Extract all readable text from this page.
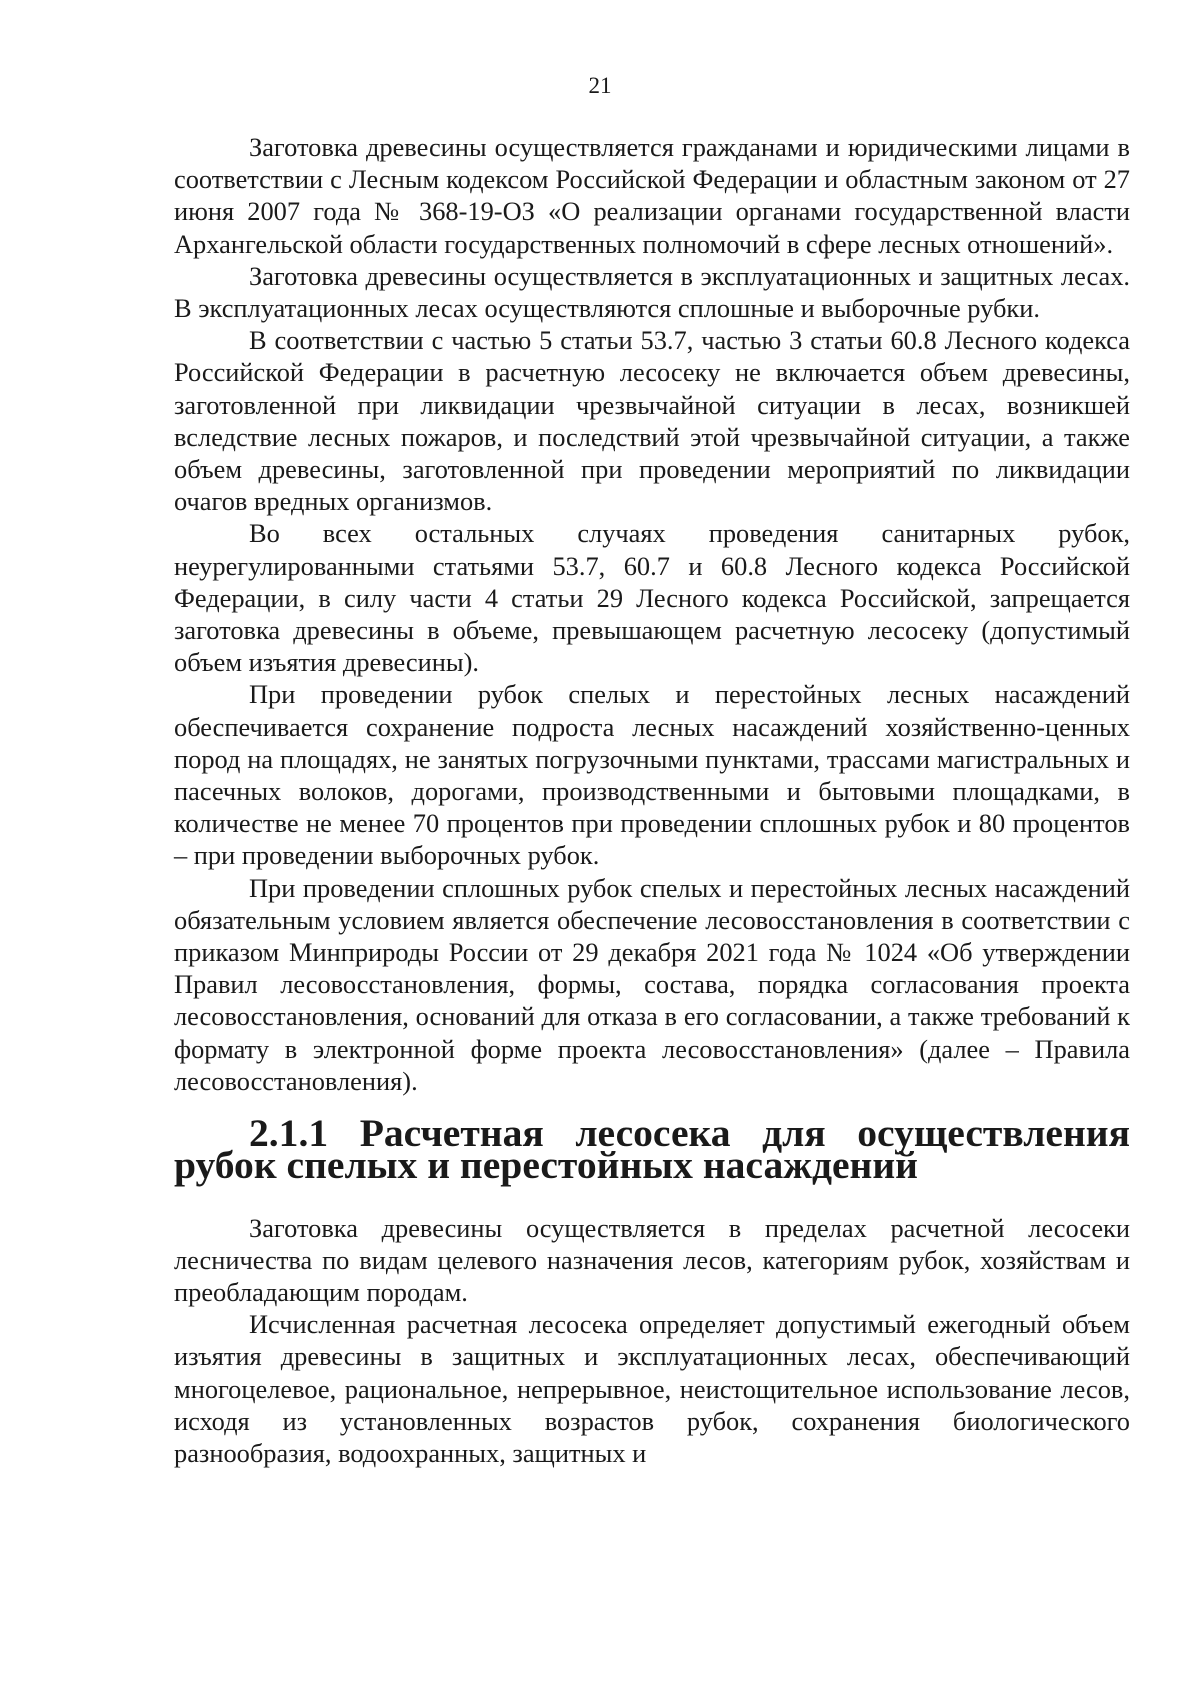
21

Заготовка древесины осуществляется гражданами и юридическими лицами в соответствии с Лесным кодексом Российской Федерации и областным законом от 27 июня 2007 года № 368-19-ОЗ «О реализации органами государственной власти Архангельской области государственных полномочий в сфере лесных отношений».

Заготовка древесины осуществляется в эксплуатационных и защитных лесах. В эксплуатационных лесах осуществляются сплошные и выборочные рубки.

В соответствии с частью 5 статьи 53.7, частью 3 статьи 60.8 Лесного кодекса Российской Федерации в расчетную лесосеку не включается объем древесины, заготовленной при ликвидации чрезвычайной ситуации в лесах, возникшей вследствие лесных пожаров, и последствий этой чрезвычайной ситуации, а также объем древесины, заготовленной при проведении мероприятий по ликвидации очагов вредных организмов.

Во всех остальных случаях проведения санитарных рубок, неурегулированными статьями 53.7, 60.7 и 60.8 Лесного кодекса Российской Федерации, в силу части 4 статьи 29 Лесного кодекса Российской, запрещается заготовка древесины в объеме, превышающем расчетную лесосеку (допустимый объем изъятия древесины).

При проведении рубок спелых и перестойных лесных насаждений обеспечивается сохранение подроста лесных насаждений хозяйственно-ценных пород на площадях, не занятых погрузочными пунктами, трассами магистральных и пасечных волоков, дорогами, производственными и бытовыми площадками, в количестве не менее 70 процентов при проведении сплошных рубок и 80 процентов – при проведении выборочных рубок.

При проведении сплошных рубок спелых и перестойных лесных насаждений обязательным условием является обеспечение лесовосстановления в соответствии с приказом Минприроды России от 29 декабря 2021 года № 1024 «Об утверждении Правил лесовосстановления, формы, состава, порядка согласования проекта лесовосстановления, оснований для отказа в его согласовании, а также требований к формату в электронной форме проекта лесовосстановления» (далее – Правила лесовосстановления).

2.1.1 Расчетная лесосека для осуществления рубок спелых и перестойных насаждений

Заготовка древесины осуществляется в пределах расчетной лесосеки лесничества по видам целевого назначения лесов, категориям рубок, хозяйствам и преобладающим породам.

Исчисленная расчетная лесосека определяет допустимый ежегодный объем изъятия древесины в защитных и эксплуатационных лесах, обеспечивающий многоцелевое, рациональное, непрерывное, неистощительное использование лесов, исходя из установленных возрастов рубок, сохранения биологического разнообразия, водоохранных, защитных и
